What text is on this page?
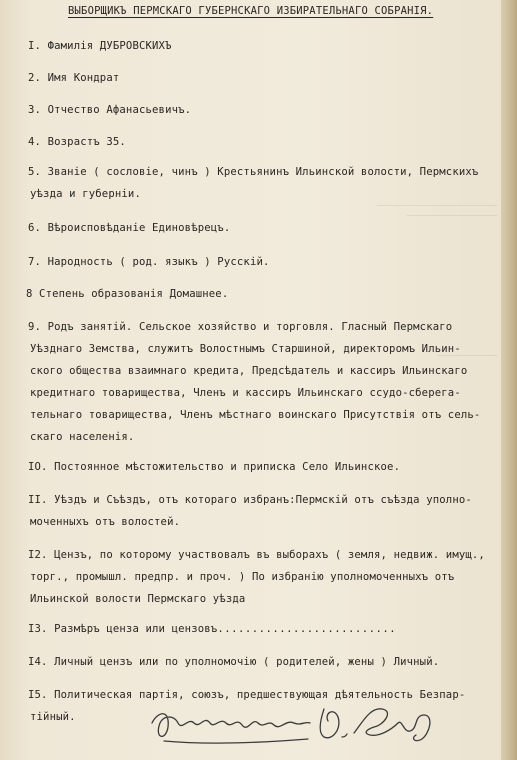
ВЫБОРЩИКЪ ПЕРМСКАГО ГУБЕРНСКАГО ИЗБИРАТЕЛЬНАГО СОБРАНІЯ.
I. Фамилія ДУБРОВСКИХЪ
2. Имя Кондрат
3. Отчество Афанасьевичъ.
4. Возрастъ 35.
5. Званіе ( сословіе, чинъ ) Крестьянинъ Ильинской волости, Пермскихъ
уѣзда и губерніи.
6. Вѣроисповѣданіе Единовѣрецъ.
7. Народность ( род. языкъ ) Русскій.
8 Степень образованія Домашнее.
9. Родъ занятій. Сельское хозяйство и торговля. Гласный Пермскаго
Уѣзднаго Земства, служитъ Волостнымъ Старшиной, директоромъ Ильин-
ского общества взаимнаго кредита, Предсѣдатель и кассиръ Ильинскаго
кредитнаго товарищества, Членъ и кассиръ Ильинскаго ссудо-сберега-
тельнаго товарищества, Членъ мѣстнаго воинскаго Присутствія отъ сель-
скаго населенія.
IO. Постоянное мѣстожительство и приписка Село Ильинское.
II. Уѣздъ и Съѣздъ, отъ котораго избранъ:Пермскій отъ съѣзда уполно-
моченныхъ отъ волостей.
I2. Цензъ, по которому участвовалъ въ выборахъ ( земля, недвиж. имущ.,
торг., промышл. предпр. и проч. ) По избранію уполномоченныхъ отъ
Ильинской волости Пермскаго уѣзда
I3. Размѣръ ценза или цензовъ..........................
I4. Личный цензъ или по уполномочію ( родителей, жены ) Личный.
I5. Политическая партія, союзъ, предшествующая дѣятельность Безпар-
тійный.
